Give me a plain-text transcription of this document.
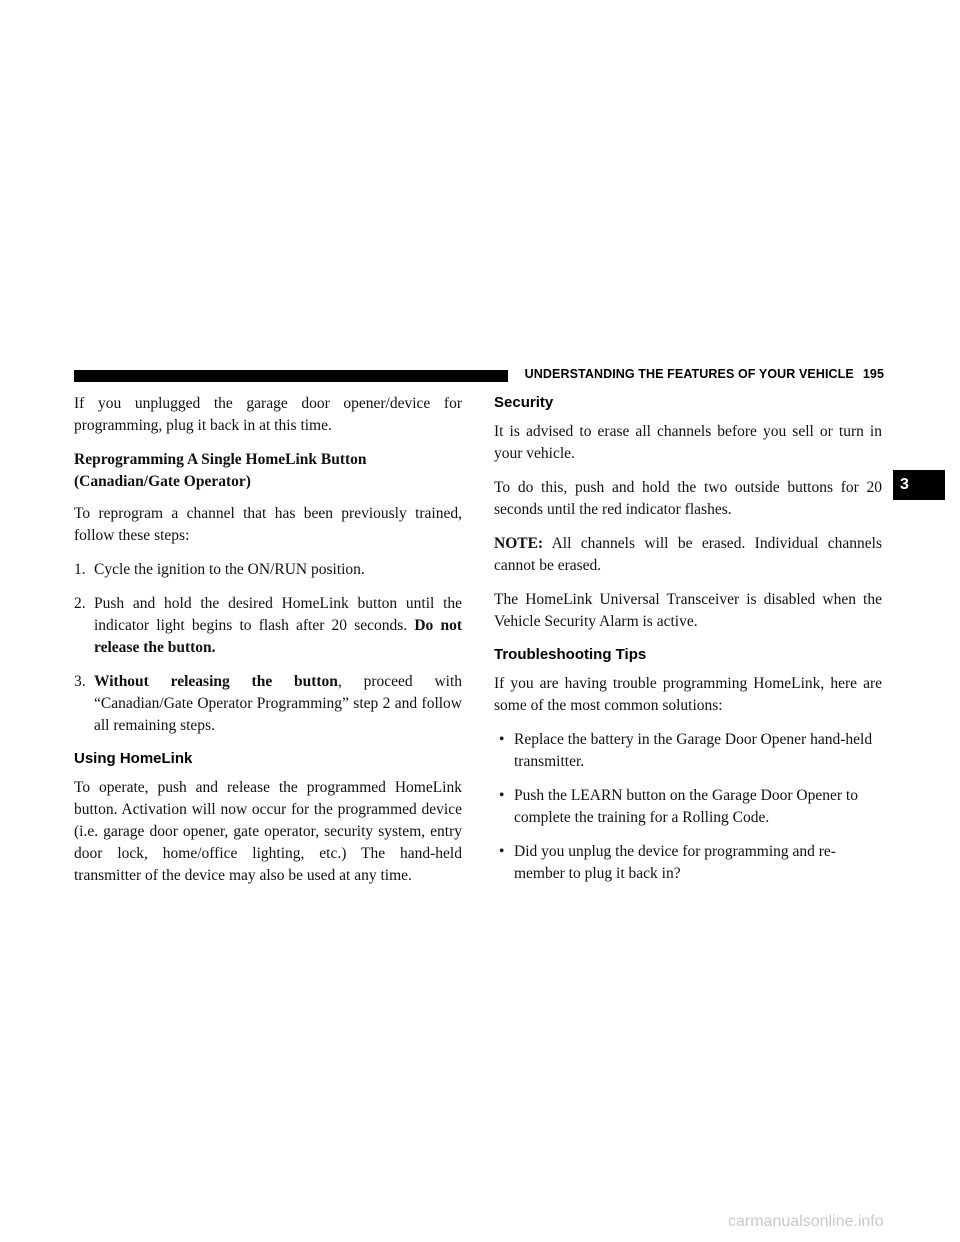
UNDERSTANDING THE FEATURES OF YOUR VEHICLE 195

If you unplugged the garage door opener/device for programming, plug it back in at this time.

Reprogramming A Single HomeLink Button
(Canadian/Gate Operator)

To reprogram a channel that has been previously trained, follow these steps:

1. Cycle the ignition to the ON/RUN position.
2. Push and hold the desired HomeLink button until the indicator light begins to flash after 20 seconds. Do not release the button.
3. Without releasing the button, proceed with “Canadian/Gate Operator Programming” step 2 and follow all remaining steps.
Using HomeLink

To operate, push and release the programmed HomeLink button. Activation will now occur for the programmed device (i.e. garage door opener, gate operator, security system, entry door lock, home/office lighting, etc.) The hand-held transmitter of the device may also be used at any time.

Security

It is advised to erase all channels before you sell or turn in your vehicle.

To do this, push and hold the two outside buttons for 20 seconds until the red indicator flashes.

NOTE: All channels will be erased. Individual channels cannot be erased.

The HomeLink Universal Transceiver is disabled when the Vehicle Security Alarm is active.

Troubleshooting Tips

If you are having trouble programming HomeLink, here are some of the most common solutions:

• Replace the battery in the Garage Door Opener hand-held transmitter.
• Push the LEARN button on the Garage Door Opener to complete the training for a Rolling Code.
• Did you unplug the device for programming and re-member to plug it back in?
3
carmanualsonline.info
